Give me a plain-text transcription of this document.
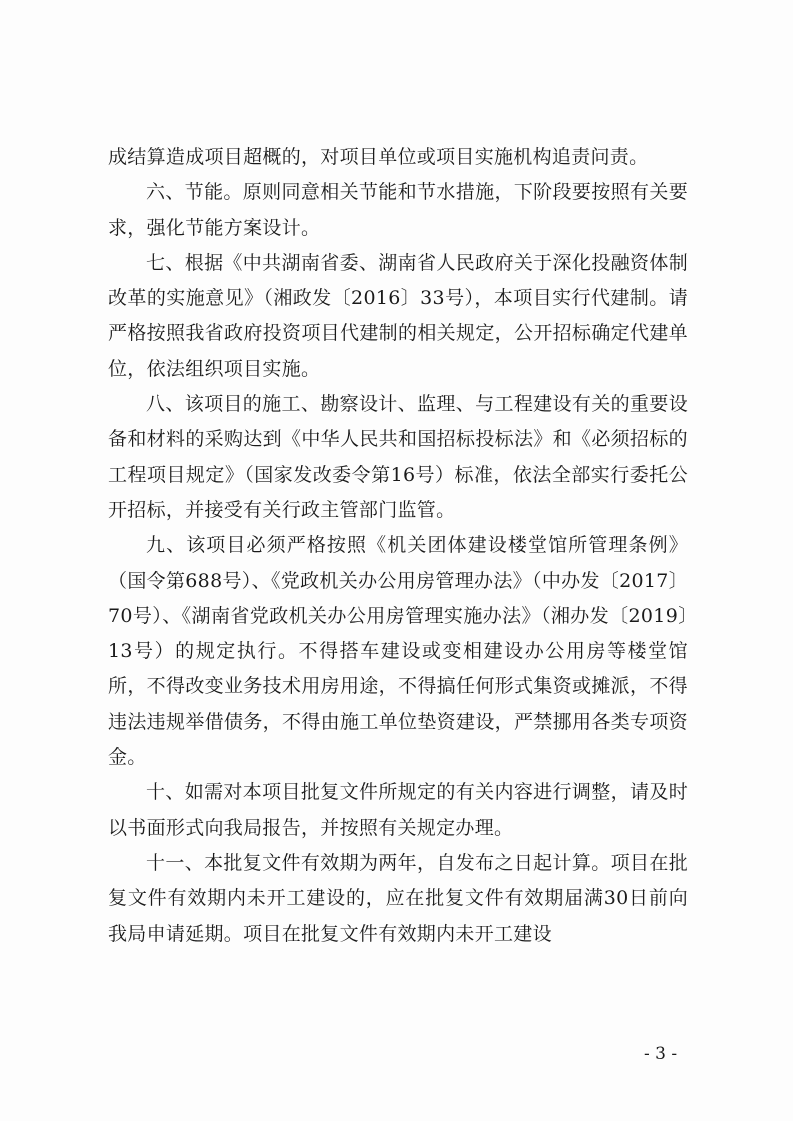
成结算造成项目超概的，对项目单位或项目实施机构追责问责。

六、节能。原则同意相关节能和节水措施，下阶段要按照有关要求，强化节能方案设计。

七、根据《中共湖南省委、湖南省人民政府关于深化投融资体制改革的实施意见》（湘政发〔2016〕33号），本项目实行代建制。请严格按照我省政府投资项目代建制的相关规定，公开招标确定代建单位，依法组织项目实施。

八、该项目的施工、勘察设计、监理、与工程建设有关的重要设备和材料的采购达到《中华人民共和国招标投标法》和《必须招标的工程项目规定》（国家发改委令第16号）标准，依法全部实行委托公开招标，并接受有关行政主管部门监管。

九、该项目必须严格按照《机关团体建设楼堂馆所管理条例》（国令第688号）、《党政机关办公用房管理办法》（中办发〔2017〕70号）、《湖南省党政机关办公用房管理实施办法》（湘办发〔2019〕13号）的规定执行。不得搭车建设或变相建设办公用房等楼堂馆所，不得改变业务技术用房用途，不得搞任何形式集资或摊派，不得违法违规举借债务，不得由施工单位垫资建设，严禁挪用各类专项资金。

十、如需对本项目批复文件所规定的有关内容进行调整，请及时以书面形式向我局报告，并按照有关规定办理。

十一、本批复文件有效期为两年，自发布之日起计算。项目在批复文件有效期内未开工建设的，应在批复文件有效期届满30日前向我局申请延期。项目在批复文件有效期内未开工建设

- 3 -
